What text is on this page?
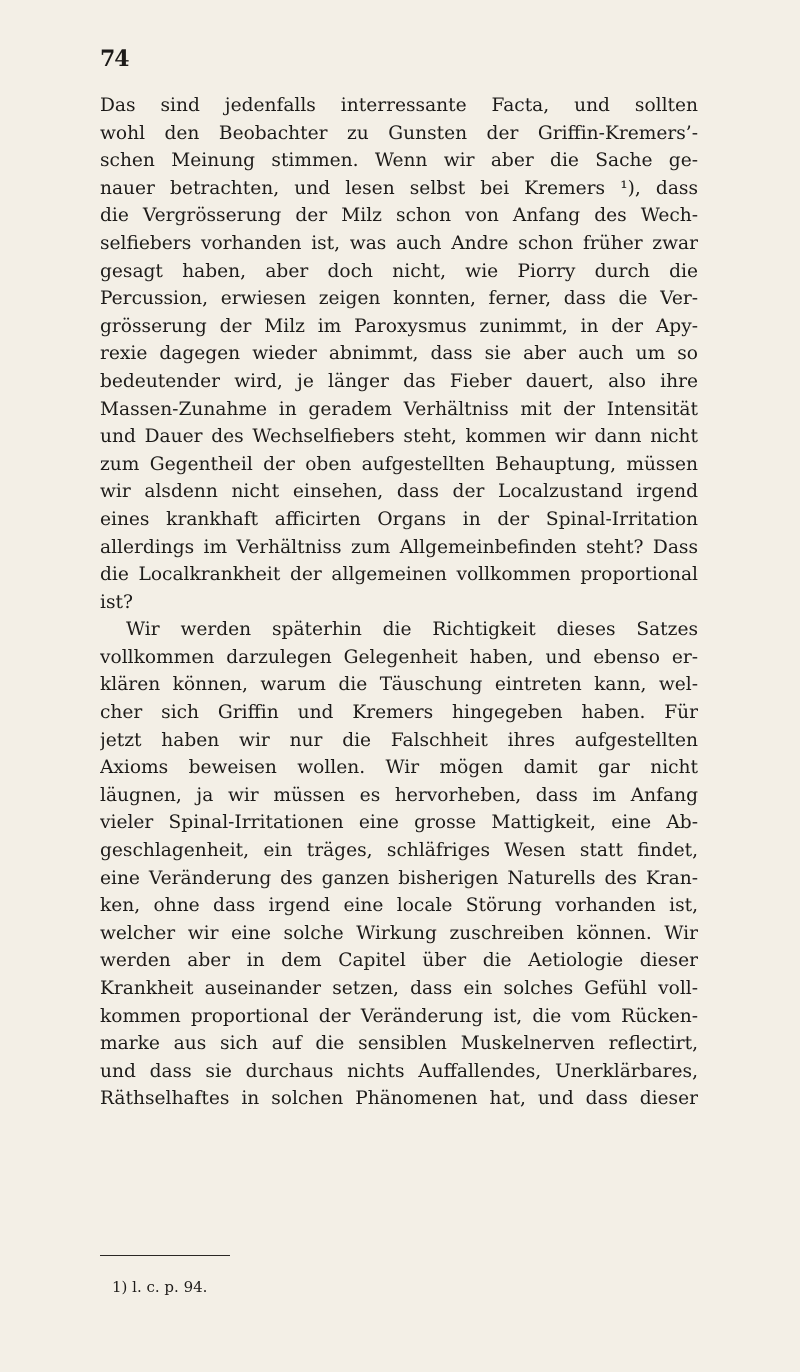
74
Das sind jedenfalls interressante Facta, und sollten
wohl den Beobachter zu Gunsten der Griffin-Kremers’-
schen Meinung stimmen. Wenn wir aber die Sache ge-
nauer betrachten, und lesen selbst bei Kremers ¹), dass
die Vergrösserung der Milz schon von Anfang des Wech-
selfiebers vorhanden ist, was auch Andre schon früher zwar
gesagt haben, aber doch nicht, wie Piorry durch die
Percussion, erwiesen zeigen konnten, ferner, dass die Ver-
grösserung der Milz im Paroxysmus zunimmt, in der Apy-
rexie dagegen wieder abnimmt, dass sie aber auch um so
bedeutender wird, je länger das Fieber dauert, also ihre
Massen-Zunahme in geradem Verhältniss mit der Intensität
und Dauer des Wechselfiebers steht, kommen wir dann nicht
zum Gegentheil der oben aufgestellten Behauptung, müssen
wir alsdenn nicht einsehen, dass der Localzustand irgend
eines krankhaft afficirten Organs in der Spinal-Irritation
allerdings im Verhältniss zum Allgemeinbefinden steht? Dass
die Localkrankheit der allgemeinen vollkommen proportional
ist?
Wir werden späterhin die Richtigkeit dieses Satzes
vollkommen darzulegen Gelegenheit haben, und ebenso er-
klären können, warum die Täuschung eintreten kann, wel-
cher sich Griffin und Kremers hingegeben haben. Für
jetzt haben wir nur die Falschheit ihres aufgestellten
Axioms beweisen wollen. Wir mögen damit gar nicht
läugnen, ja wir müssen es hervorheben, dass im Anfang
vieler Spinal-Irritationen eine grosse Mattigkeit, eine Ab-
geschlagenheit, ein träges, schläfriges Wesen statt findet,
eine Veränderung des ganzen bisherigen Naturells des Kran-
ken, ohne dass irgend eine locale Störung vorhanden ist,
welcher wir eine solche Wirkung zuschreiben können. Wir
werden aber in dem Capitel über die Aetiologie dieser
Krankheit auseinander setzen, dass ein solches Gefühl voll-
kommen proportional der Veränderung ist, die vom Rücken-
marke aus sich auf die sensiblen Muskelnerven reflectirt,
und dass sie durchaus nichts Auffallendes, Unerklärbares,
Räthselhaftes in solchen Phänomenen hat, und dass dieser
1) l. c. p. 94.
